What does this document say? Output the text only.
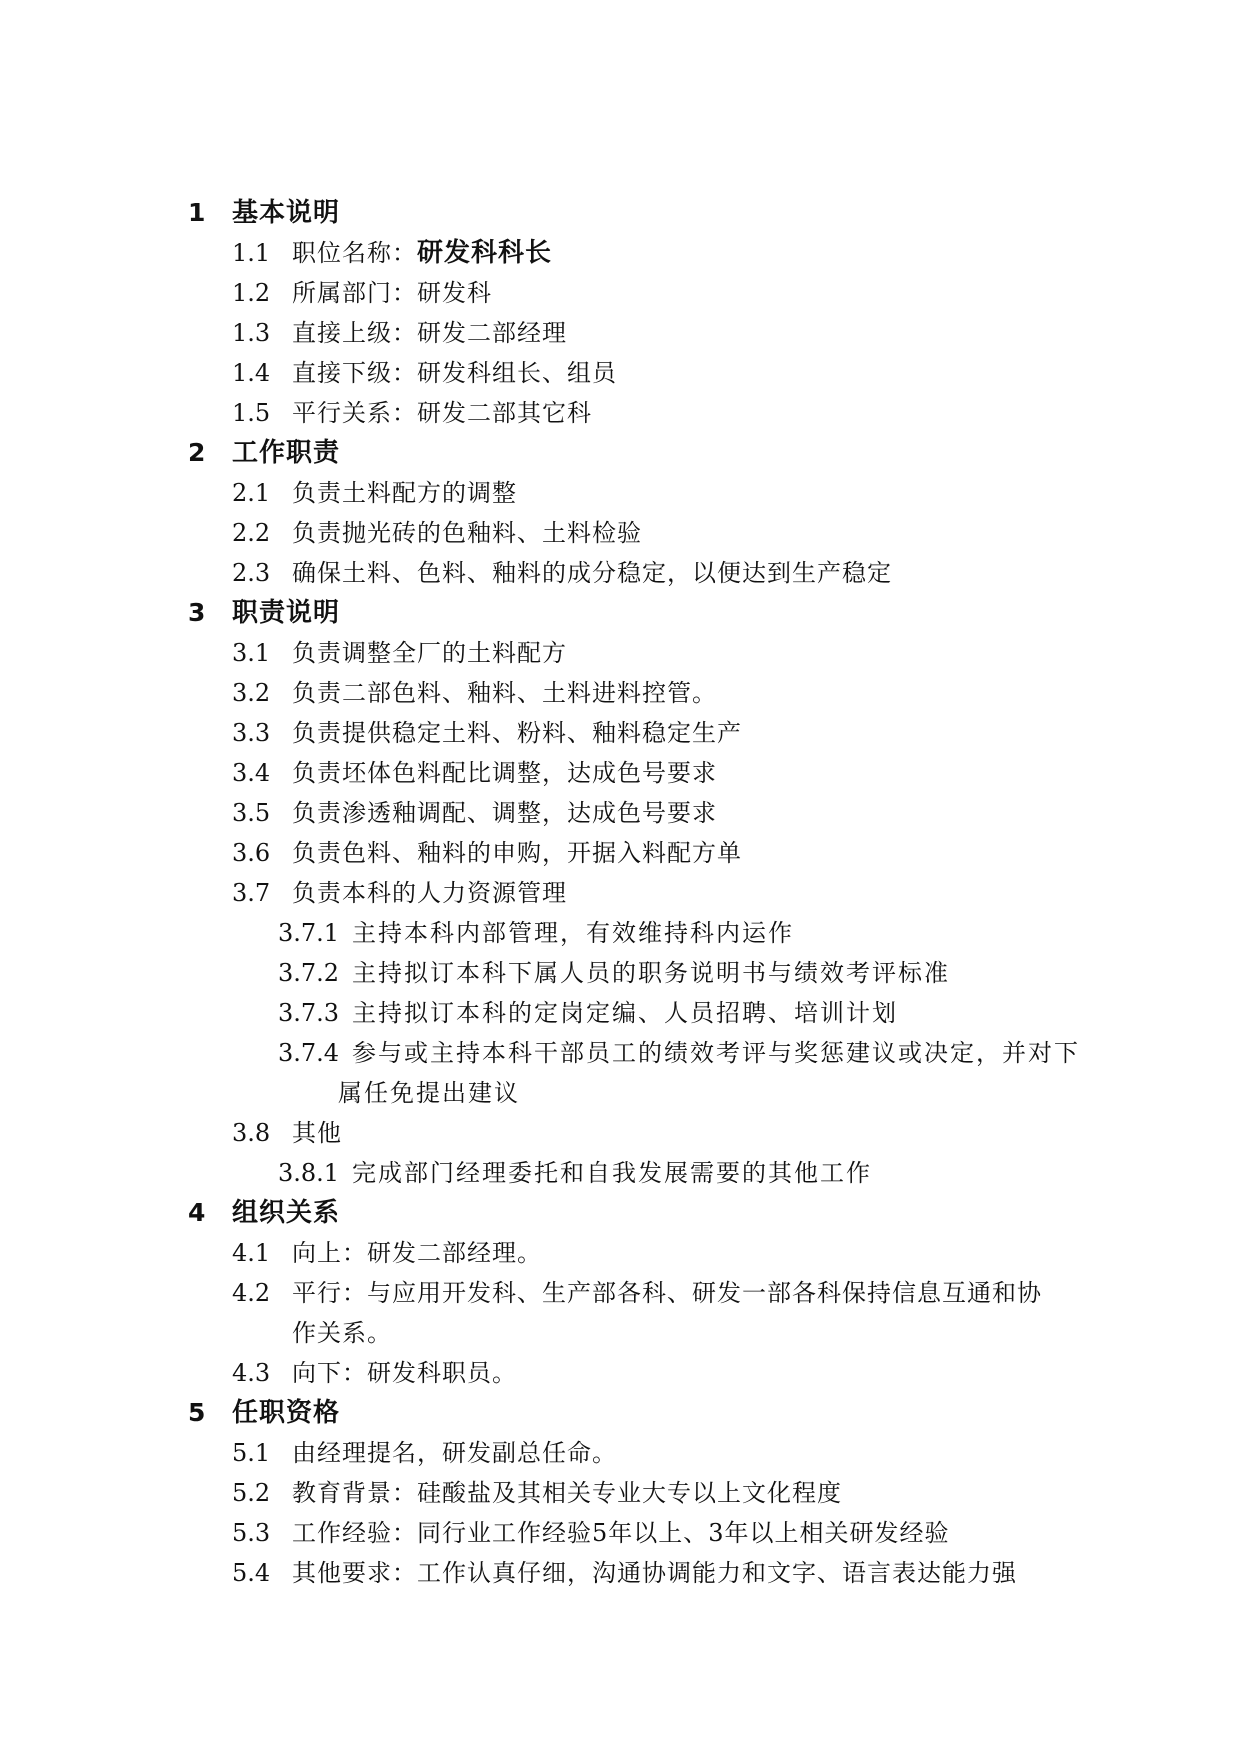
1 基本说明
1.1 职位名称：研发科科长
1.2 所属部门：研发科
1.3 直接上级：研发二部经理
1.4 直接下级：研发科组长、组员
1.5 平行关系：研发二部其它科
2 工作职责
2.1 负责土料配方的调整
2.2 负责抛光砖的色釉料、土料检验
2.3 确保土料、色料、釉料的成分稳定，以便达到生产稳定
3 职责说明
3.1 负责调整全厂的土料配方
3.2 负责二部色料、釉料、土料进料控管。
3.3 负责提供稳定土料、粉料、釉料稳定生产
3.4 负责坯体色料配比调整，达成色号要求
3.5 负责渗透釉调配、调整，达成色号要求
3.6 负责色料、釉料的申购，开据入料配方单
3.7 负责本科的人力资源管理
3.7.1 主持本科内部管理，有效维持科内运作
3.7.2 主持拟订本科下属人员的职务说明书与绩效考评标准
3.7.3 主持拟订本科的定岗定编、人员招聘、培训计划
3.7.4 参与或主持本科干部员工的绩效考评与奖惩建议或决定，并对下
属任免提出建议
3.8 其他
3.8.1 完成部门经理委托和自我发展需要的其他工作
4 组织关系
4.1 向上：研发二部经理。
4.2 平行：与应用开发科、生产部各科、研发一部各科保持信息互通和协
作关系。
4.3 向下：研发科职员。
5 任职资格
5.1 由经理提名，研发副总任命。
5.2 教育背景：硅酸盐及其相关专业大专以上文化程度
5.3 工作经验：同行业工作经验5年以上、3年以上相关研发经验
5.4 其他要求：工作认真仔细，沟通协调能力和文字、语言表达能力强
